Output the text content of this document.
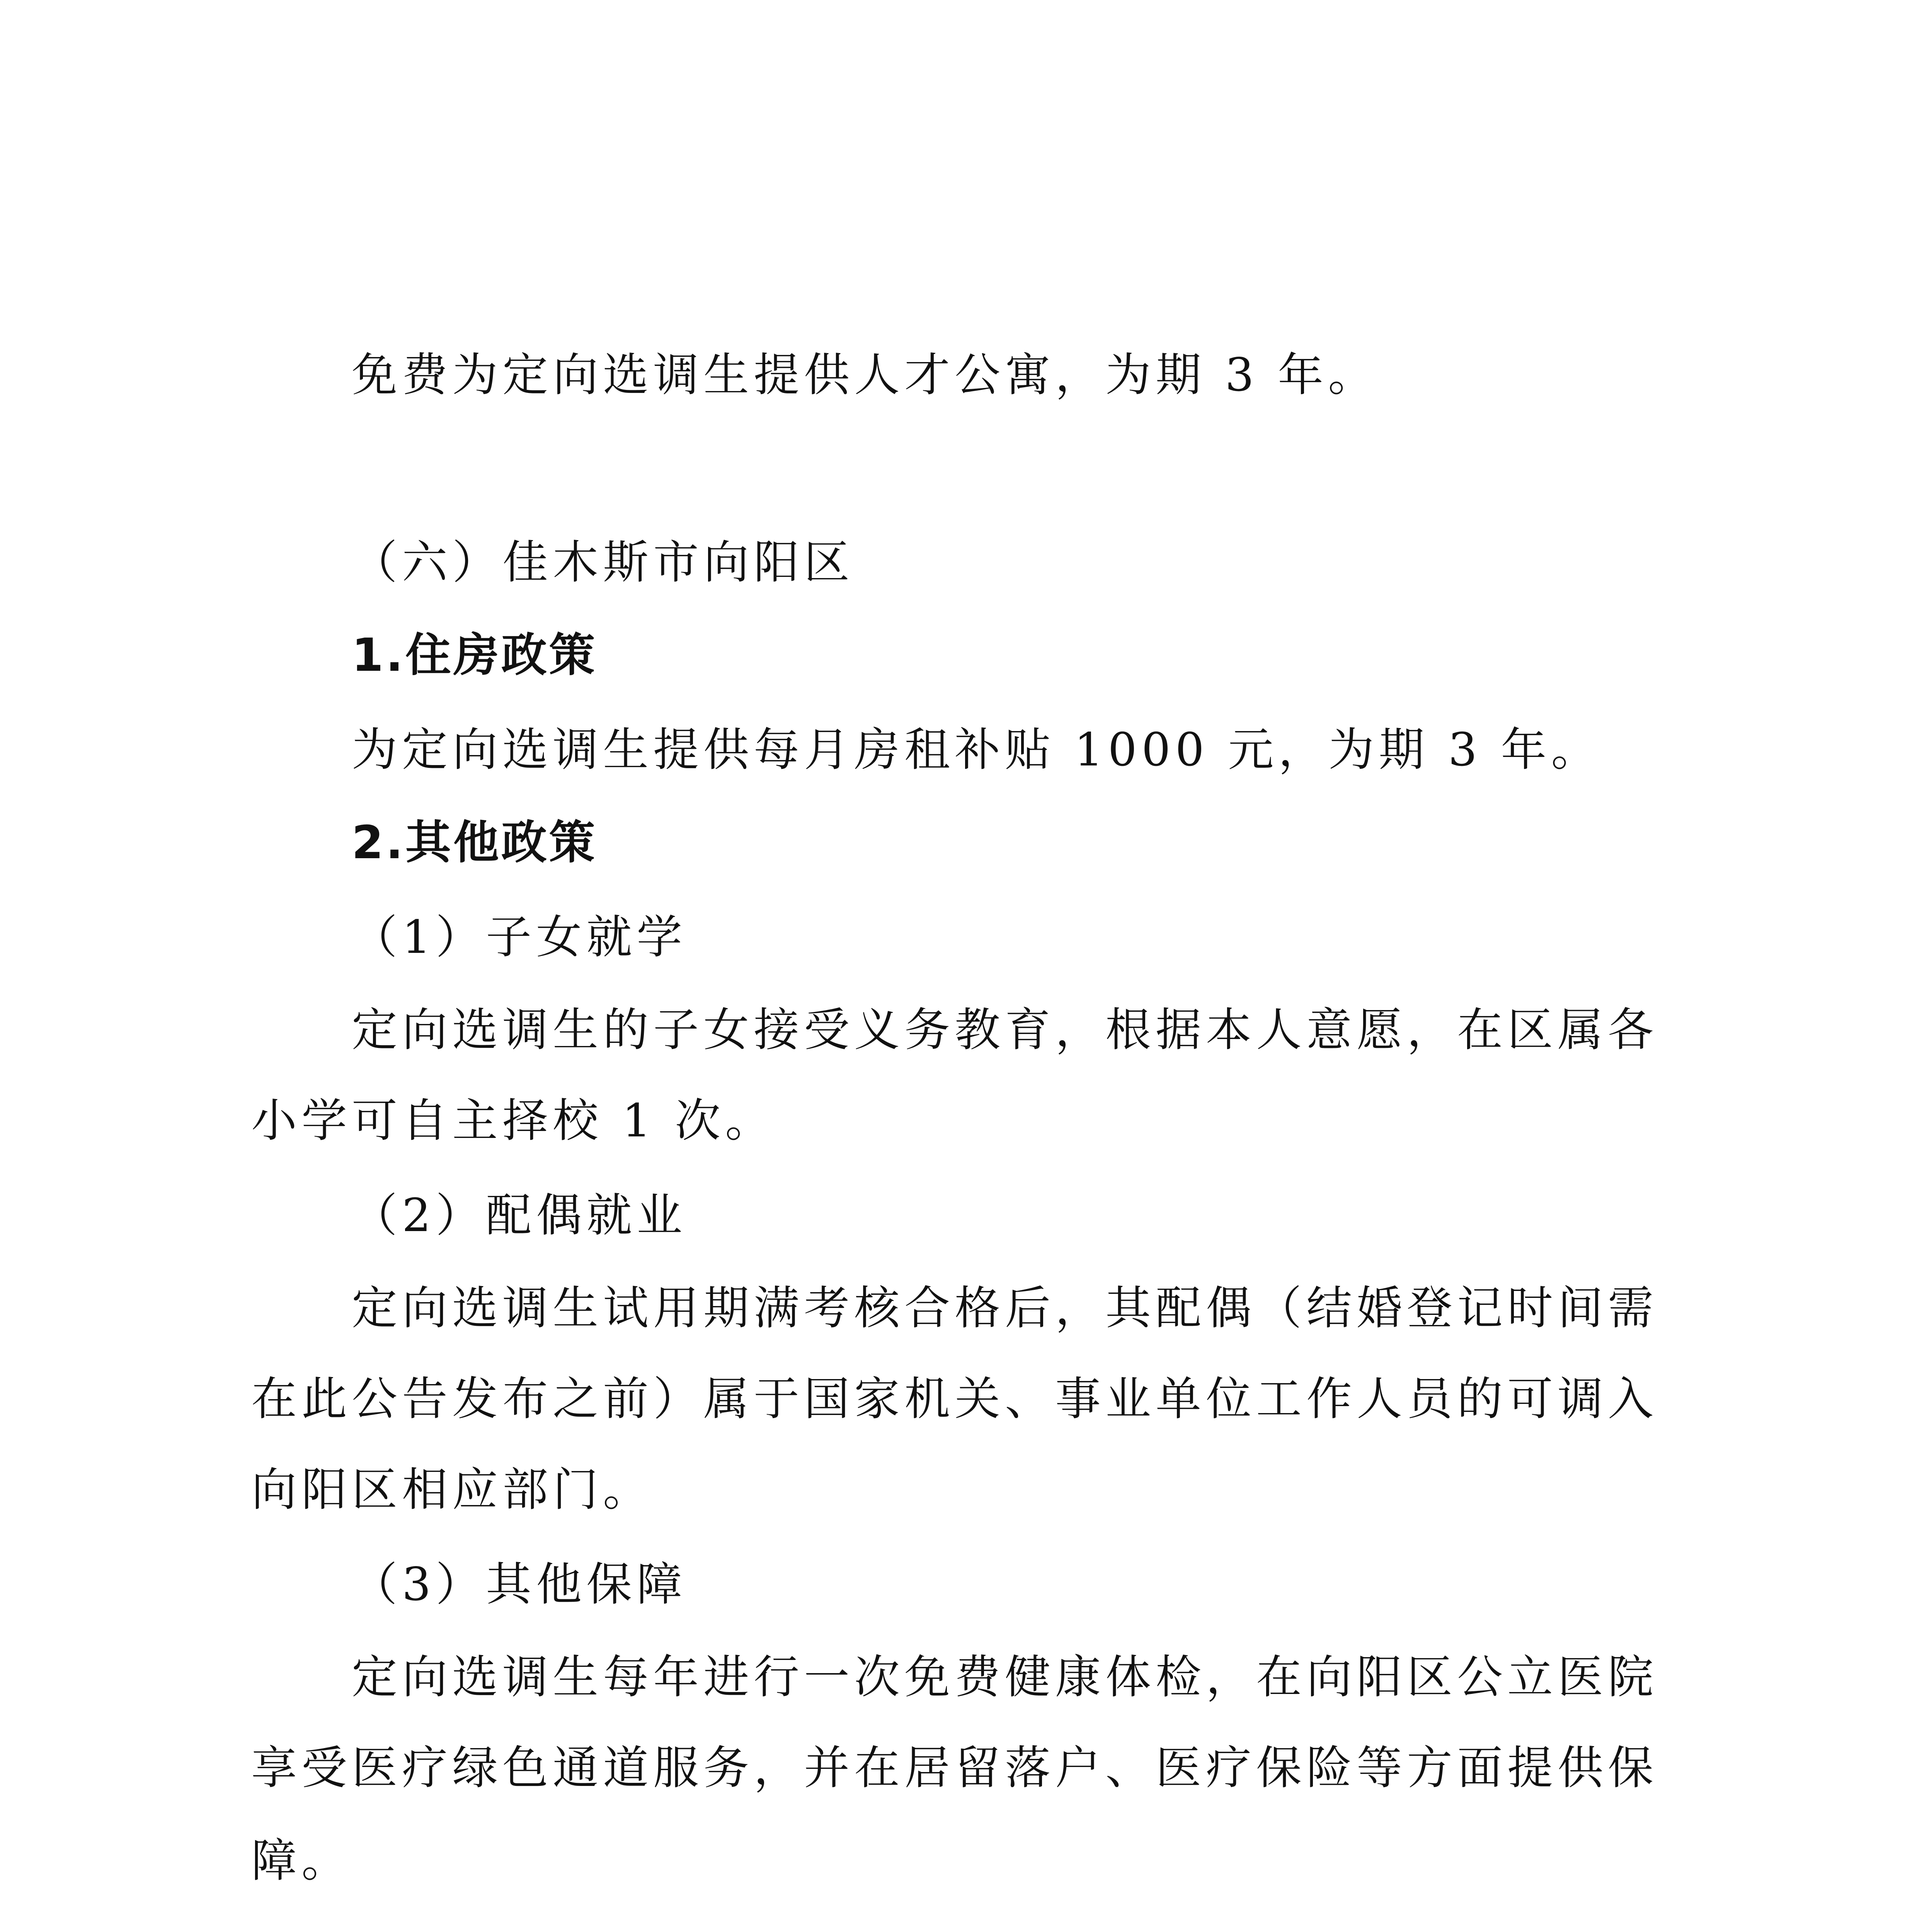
免费为定向选调生提供人才公寓，为期 3 年。
（六）佳木斯市向阳区
1.住房政策
为定向选调生提供每月房租补贴 1000 元，为期 3 年。
2.其他政策
（1）子女就学
定向选调生的子女接受义务教育，根据本人意愿，在区属各
小学可自主择校 1 次。
（2）配偶就业
定向选调生试用期满考核合格后，其配偶（结婚登记时间需
在此公告发布之前）属于国家机关、事业单位工作人员的可调入
向阳区相应部门。
（3）其他保障
定向选调生每年进行一次免费健康体检，在向阳区公立医院
享受医疗绿色通道服务，并在居留落户、医疗保险等方面提供保
障。
